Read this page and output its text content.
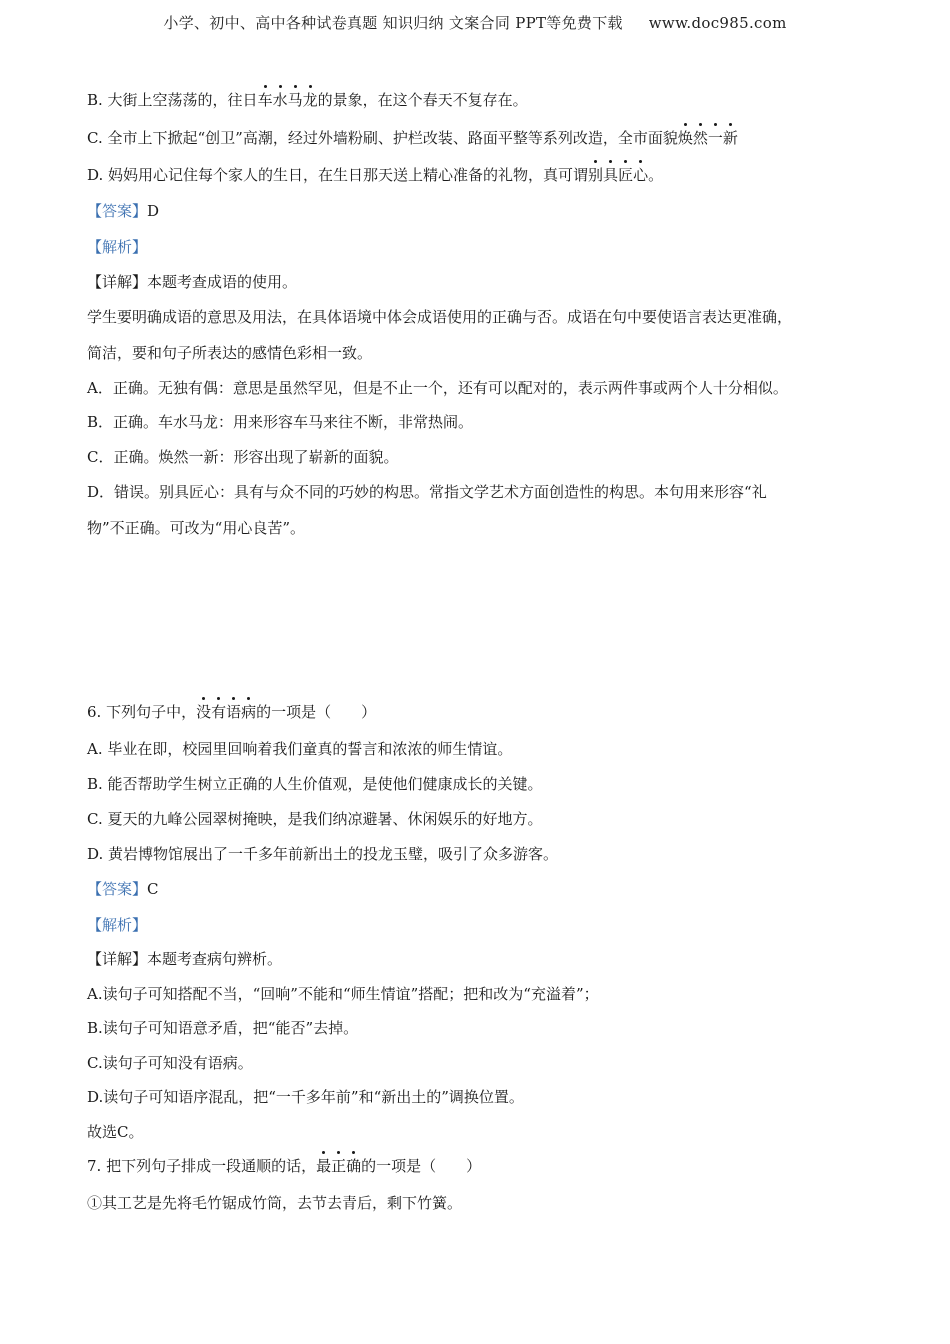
小学、初中、高中各种试卷真题 知识归纳 文案合同 PPT等免费下载 www.doc985.com
B. 大街上空荡荡的，往日车水马龙的景象，在这个春天不复存在。
C. 全市上下掀起“创卫”高潮，经过外墙粉刷、护栏改装、路面平整等系列改造，全市面貌焕然一新
D. 妈妈用心记住每个家人的生日，在生日那天送上精心准备的礼物，真可谓别具匠心。
【答案】D
【解析】
【详解】本题考查成语的使用。
学生要明确成语的意思及用法，在具体语境中体会成语使用的正确与否。成语在句中要使语言表达更准确，
简洁，要和句子所表达的感情色彩相一致。
A．正确。无独有偶：意思是虽然罕见，但是不止一个，还有可以配对的，表示两件事或两个人十分相似。
B．正确。车水马龙：用来形容车马来往不断，非常热闹。
C．正确。焕然一新：形容出现了崭新的面貌。
D．错误。别具匠心：具有与众不同的巧妙的构思。常指文学艺术方面创造性的构思。本句用来形容“礼
物”不正确。可改为“用心良苦”。
6. 下列句子中，没有语病的一项是（　　）
A. 毕业在即，校园里回响着我们童真的誓言和浓浓的师生情谊。
B. 能否帮助学生树立正确的人生价值观，是使他们健康成长的关键。
C. 夏天的九峰公园翠树掩映，是我们纳凉避暑、休闲娱乐的好地方。
D. 黄岩博物馆展出了一千多年前新出土的投龙玉璧，吸引了众多游客。
【答案】C
【解析】
【详解】本题考查病句辨析。
A.读句子可知搭配不当，“回响”不能和“师生情谊”搭配；把和改为“充溢着”；
B.读句子可知语意矛盾，把“能否”去掉。
C.读句子可知没有语病。
D.读句子可知语序混乱，把“一千多年前”和“新出土的”调换位置。
故选C。
7. 把下列句子排成一段通顺的话，最正确的一项是（　　）
①其工艺是先将毛竹锯成竹筒，去节去青后，剩下竹簧。
